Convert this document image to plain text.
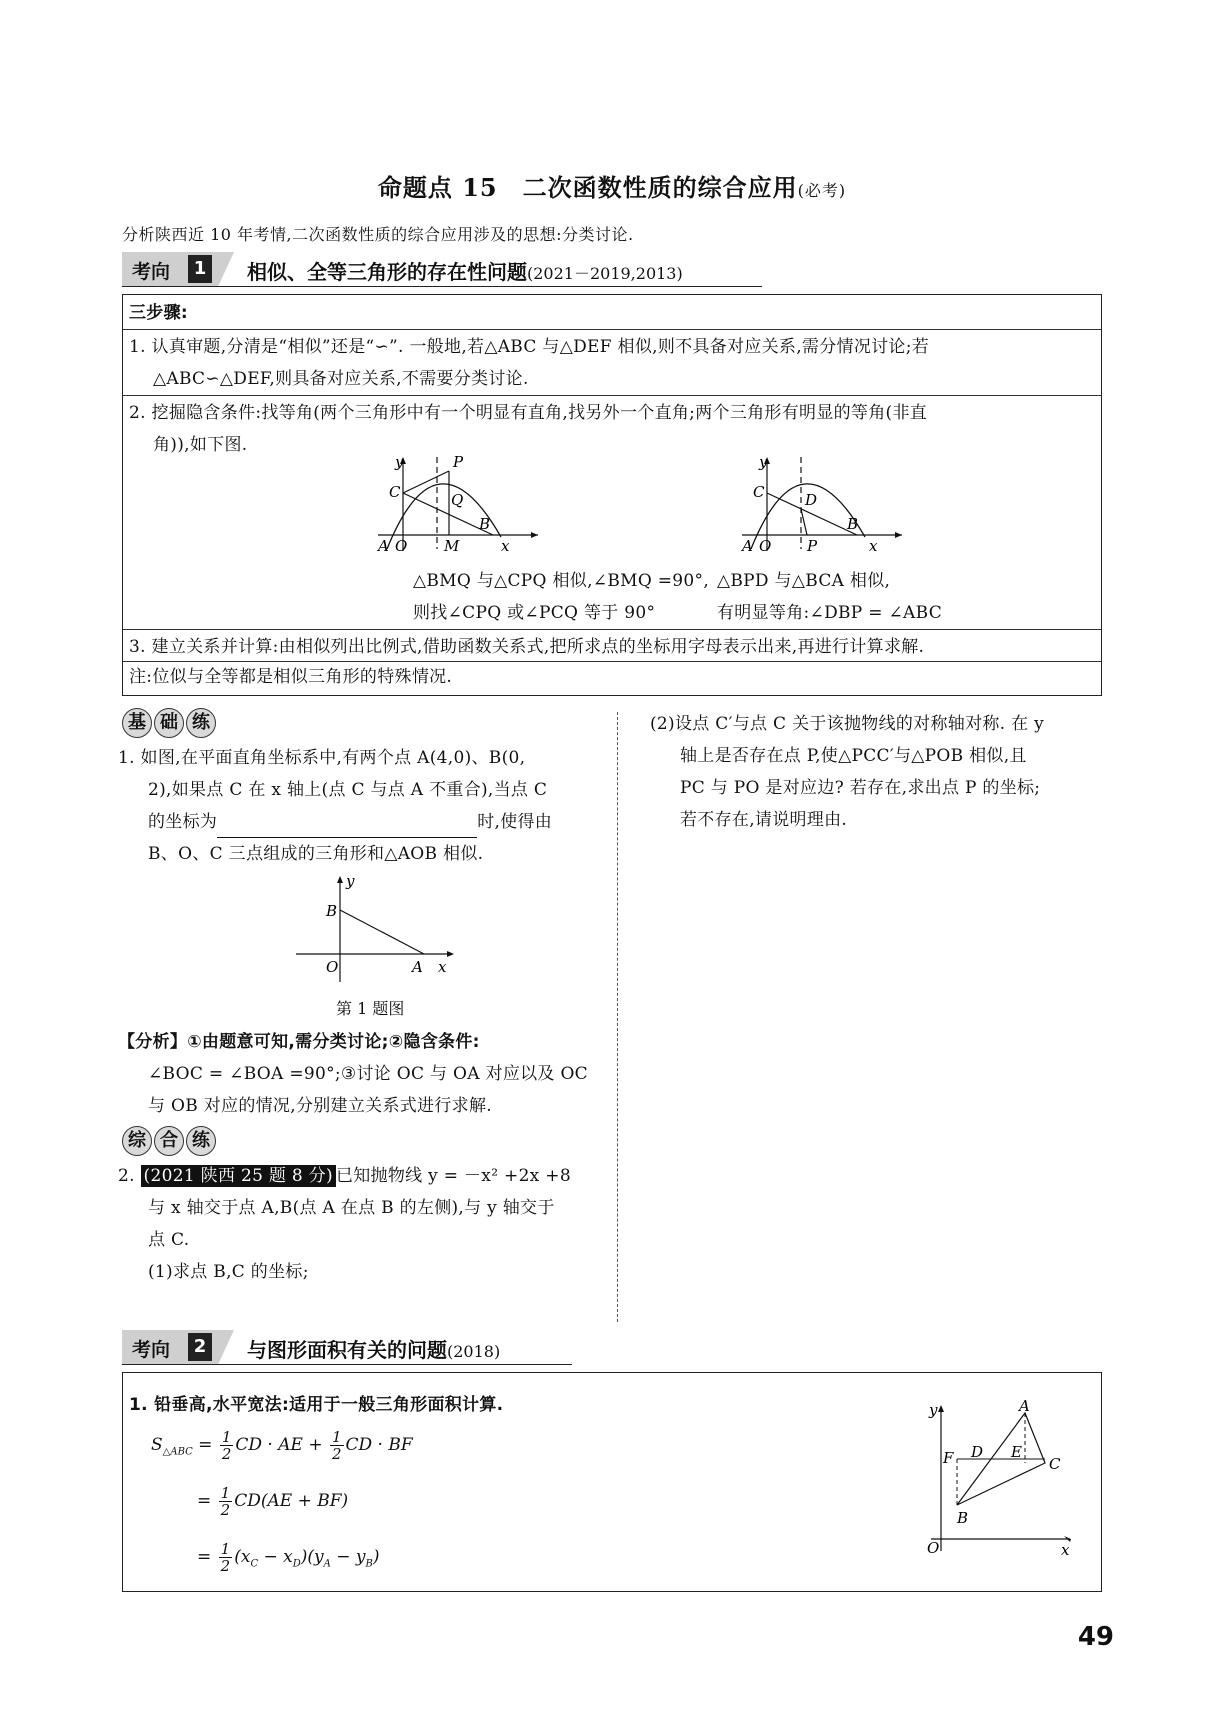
命题点 15　二次函数性质的综合应用(必考)
分析陕西近 10 年考情,二次函数性质的综合应用涉及的思想:分类讨论.
考向	1 相似、全等三角形的存在性问题(2021－2019,2013)
三步骤:
1. 认真审题,分清是“相似”还是“∽”. 一般地,若△ABC 与△DEF 相似,则不具备对应关系,需分情况讨论;若
△ABC∽△DEF,则具备对应关系,不需要分类讨论.
2. 挖掘隐含条件:找等角(两个三角形中有一个明显有直角,找另外一个直角;两个三角形有明显的等角(非直
角)),如下图.
y
C
P
Q
B
A O M	x
y
C	D
B
A O P	x
△BMQ 与△CPQ 相似,∠BMQ =90°,
则找∠CPQ 或∠PCQ 等于 90°
△BPD 与△BCA 相似,
有明显等角:∠DBP = ∠ABC
3. 建立关系并计算:由相似列出比例式,借助函数关系式,把所求点的坐标用字母表示出来,再进行计算求解.
注:位似与全等都是相似三角形的特殊情况.
基 础 练
1. 如图,在平面直角坐标系中,有两个点 A(4,0)、B(0,
2),如果点 C 在 x 轴上(点 C 与点 A 不重合),当点 C
的坐标为	时,使得由
B、O、C 三点组成的三角形和△AOB 相似.
y
B
O	A x
第 1 题图
【分析】①由题意可知,需分类讨论;②隐含条件:
∠BOC = ∠BOA =90°;③讨论 OC 与 OA 对应以及 OC
与 OB 对应的情况,分别建立关系式进行求解.
综 合 练
2. (2021 陕西 25 题 8 分) 已知抛物线 y = －x² +2x +8
与 x 轴交于点 A,B(点 A 在点 B 的左侧),与 y 轴交于
点 C.
(1)求点 B,C 的坐标;
(2)设点 C′与点 C 关于该抛物线的对称轴对称. 在 y
轴上是否存在点 P,使△PCC′与△POB 相似,且
PC 与 PO 是对应边? 若存在,求出点 P 的坐标;
若不存在,请说明理由.
考向	2 与图形面积有关的问题(2018)
1. 铅垂高,水平宽法:适用于一般三角形面积计算.
$S_{\triangle ABC} = \frac{1}{2}$ CD · AE + $\frac{1}{2}$ CD · BF
= $\frac{1}{2} CD(AE + BF)$
= $\frac{1}{2} (x_C - x_D)(y_A - y_B)$
y	A
F D E
C
B
O	x
49
